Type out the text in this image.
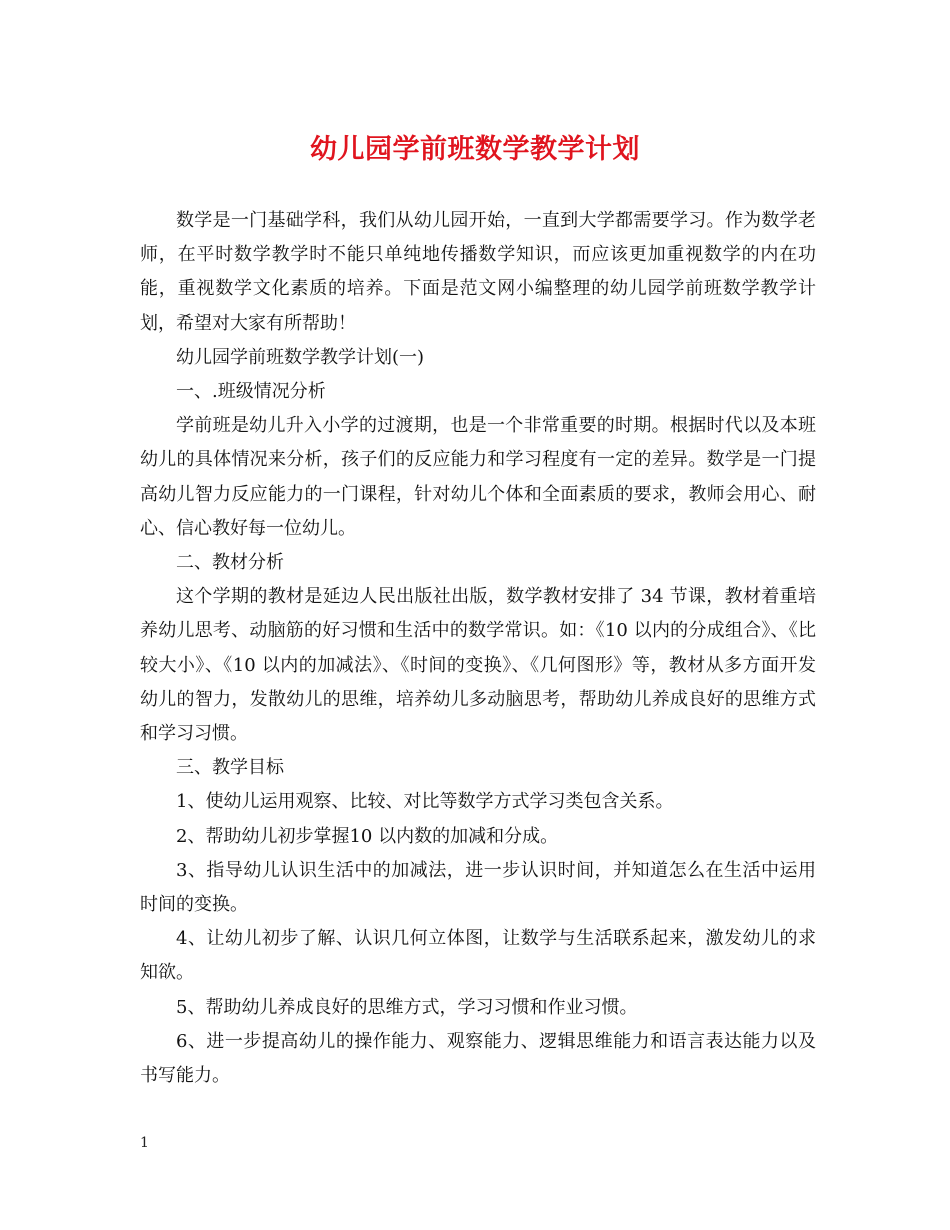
幼儿园学前班数学教学计划

数学是一门基础学科，我们从幼儿园开始，一直到大学都需要学习。作为数学老师，在平时数学教学时不能只单纯地传播数学知识，而应该更加重视数学的内在功能，重视数学文化素质的培养。下面是范文网小编整理的幼儿园学前班数学教学计划，希望对大家有所帮助！

幼儿园学前班数学教学计划(一)

一、.班级情况分析

学前班是幼儿升入小学的过渡期，也是一个非常重要的时期。根据时代以及本班幼儿的具体情况来分析，孩子们的反应能力和学习程度有一定的差异。数学是一门提高幼儿智力反应能力的一门课程，针对幼儿个体和全面素质的要求，教师会用心、耐心、信心教好每一位幼儿。

二、教材分析

这个学期的教材是延边人民出版社出版，数学教材安排了 34 节课，教材着重培养幼儿思考、动脑筋的好习惯和生活中的数学常识。如：《10 以内的分成组合》、《比较大小》、《10 以内的加减法》、《时间的变换》、《几何图形》等，教材从多方面开发幼儿的智力，发散幼儿的思维，培养幼儿多动脑思考，帮助幼儿养成良好的思维方式和学习习惯。

三、教学目标

1、使幼儿运用观察、比较、对比等数学方式学习类包含关系。

2、帮助幼儿初步掌握10 以内数的加减和分成。

3、指导幼儿认识生活中的加减法，进一步认识时间，并知道怎么在生活中运用时间的变换。

4、让幼儿初步了解、认识几何立体图，让数学与生活联系起来，激发幼儿的求知欲。

5、帮助幼儿养成良好的思维方式，学习习惯和作业习惯。

6、进一步提高幼儿的操作能力、观察能力、逻辑思维能力和语言表达能力以及书写能力。

1
